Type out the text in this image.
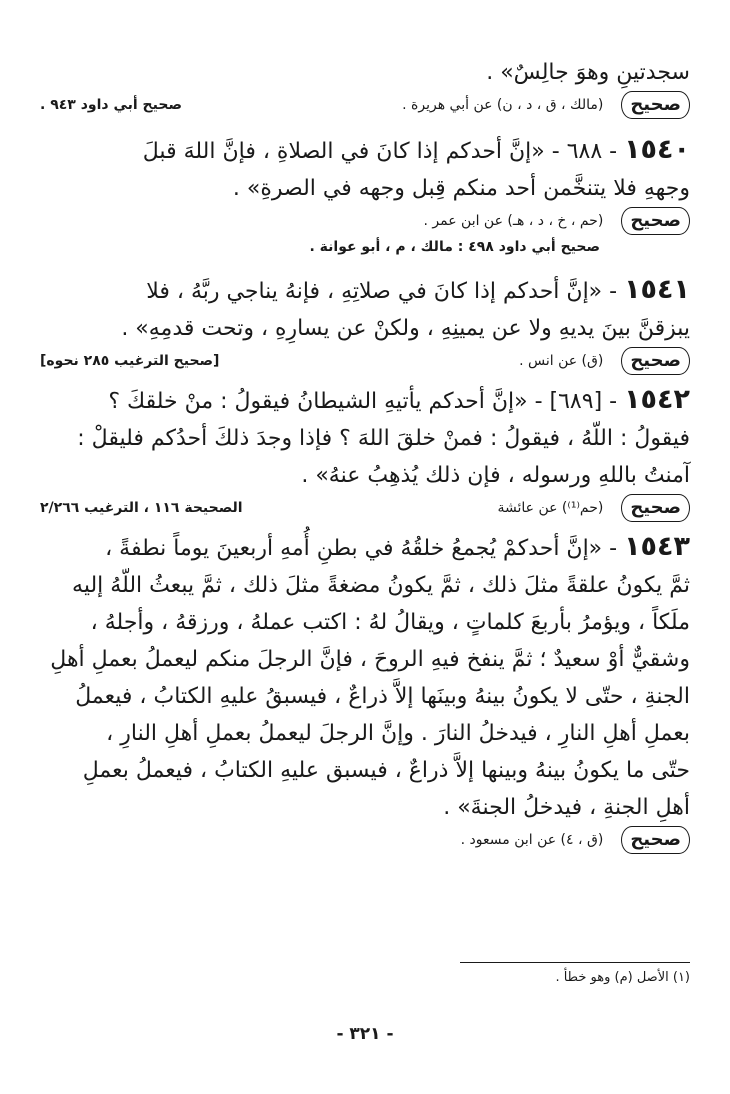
سجدتينِ وهوَ جالِسٌ» .
صحيح
(مالك ، ق ، د ، ن) عن أبي هريرة .
صحيح أبي داود ٩٤٣ .
١٥٤٠ - ٦٨٨ - «إنَّ أحدكم إذا كانَ في الصلاةِ ، فإنَّ اللهَ قبلَ
وجههِ فلا يتنخَّمن أحد منكم قِبل وجهه في الصرةِ» .
صحيح
(حم ، خ ، د ، هـ) عن ابن عمر .
صحيح أبي داود ٤٩٨ : مالك ، م ، أبو عوانة .
١٥٤١ - «إنَّ أحدكم إذا كانَ في صلاتِهِ ، فإنهُ يناجي ربَّهُ ، فلا
يبزقنَّ بينَ يديهِ ولا عن يمينِهِ ، ولكنْ عن يسارِهِ ، وتحت قدمِهِ» .
صحيح
(ق) عن انس .
[صحيح الترغيب ٢٨٥ نحوه]
١٥٤٢ - [٦٨٩] - «إنَّ أحدكم يأتيهِ الشيطانُ فيقولُ : منْ خلقكَ ؟
فيقولُ : اللّهُ ، فيقولُ : فمنْ خلقَ اللهَ ؟ فإذا وجدَ ذلكَ أحدُكم فليقلْ :
آمنتُ باللهِ ورسوله ، فإن ذلك يُذهِبُ عنهُ» .
صحيح
(حم⁽¹⁾) عن عائشة
الصحيحة ١١٦ ، الترغيب ٢/٢٦٦
١٥٤٣ - «إنَّ أحدكمْ يُجمعُ خلقُهُ في بطنِ أُمهِ أربعينَ يوماً نطفةً ،
ثمَّ يكونُ علقةً مثلَ ذلك ، ثمَّ يكونُ مضغةً مثلَ ذلك ، ثمَّ يبعثُ اللّهُ إليه
ملَكاً ، ويؤمرُ بأربعَ كلماتٍ ، ويقالُ لهُ : اكتب عملهُ ، ورزقهُ ، وأجلهُ ،
وشقيٌّ أوْ سعيدٌ ؛ ثمَّ ينفخ فيهِ الروحَ ، فإنَّ الرجلَ منكم ليعملُ بعملِ أهلِ
الجنةِ ، حتّى لا يكونُ بينهُ وبينَها إلاَّ ذراعٌ ، فيسبقُ عليهِ الكتابُ ، فيعملُ
بعملِ أهلِ النارِ ، فيدخلُ النارَ . وإنَّ الرجلَ ليعملُ بعملِ أهلِ النارِ ،
حتّى ما يكونُ بينهُ وبينها إلاَّ ذراعٌ ، فيسبق عليهِ الكتابُ ، فيعملُ بعملِ
أهلِ الجنةِ ، فيدخلُ الجنةَ» .
صحيح
(ق ، ٤) عن ابن مسعود .
(١) الأصل (م) وهو خطأ .
- ٣٢١ -
